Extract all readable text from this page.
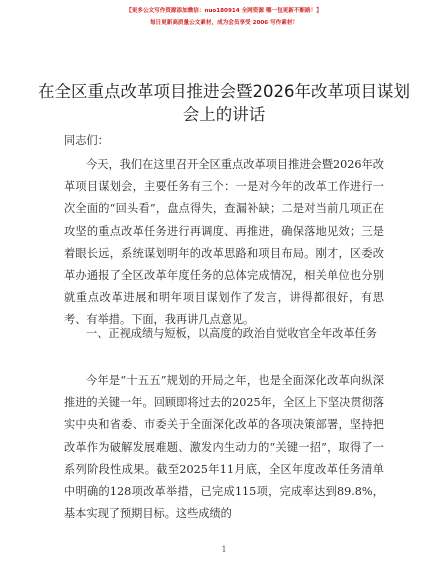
【更多公文写作资源添加微信：nuo180914 全网资源 哪一包更新不断路！】
每日更新高质量公文素材，成为会员享受 2006 写作素材！
在全区重点改革项目推进会暨2026年改革项目谋划会上的讲话

同志们：

今天，我们在这里召开全区重点改革项目推进会暨2026年改革项目谋划会，主要任务有三个：一是对今年的改革工作进行一次全面的“回头看”，盘点得失，查漏补缺；二是对当前几项正在攻坚的重点改革任务进行再调度、再推进，确保落地见效；三是着眼长远，系统谋划明年的改革思路和项目布局。刚才，区委改革办通报了全区改革年度任务的总体完成情况，相关单位也分别就重点改革进展和明年项目谋划作了发言，讲得都很好，有思考、有举措。下面，我再讲几点意见。

一、正视成绩与短板，以高度的政治自觉收官全年改革任务

今年是“十五五”规划的开局之年，也是全面深化改革向纵深推进的关键一年。回顾即将过去的2025年，全区上下坚决贯彻落实中央和省委、市委关于全面深化改革的各项决策部署，坚持把改革作为破解发展难题、激发内生动力的“关键一招”，取得了一系列阶段性成果。截至2025年11月底，全区年度改革任务清单中明确的128项改革举措，已完成115项，完成率达到89.8%，基本实现了预期目标。这些成绩的

1
